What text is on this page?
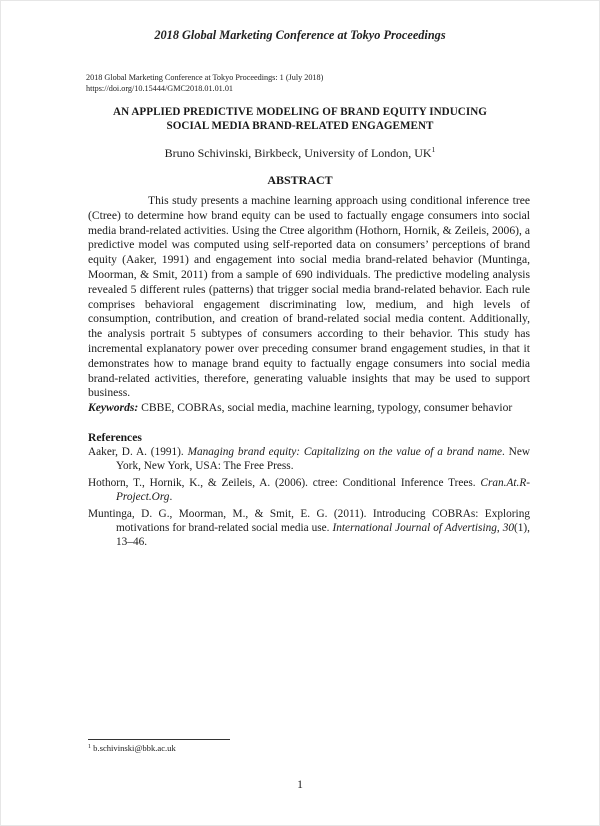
2018 Global Marketing Conference at Tokyo Proceedings
2018 Global Marketing Conference at Tokyo Proceedings: 1 (July 2018)
https://doi.org/10.15444/GMC2018.01.01.01
AN APPLIED PREDICTIVE MODELING OF BRAND EQUITY INDUCING
SOCIAL MEDIA BRAND-RELATED ENGAGEMENT
Bruno Schivinski, Birkbeck, University of London, $UK^1$
ABSTRACT

This study presents a machine learning approach using conditional inference tree (Ctree) to determine how brand equity can be used to factually engage consumers into social media brand-related activities. Using the Ctree algorithm (Hothorn, Hornik, & Zeileis, 2006), a predictive model was computed using self-reported data on consumers’ perceptions of brand equity (Aaker, 1991) and engagement into social media brand-related behavior (Muntinga, Moorman, & Smit, 2011) from a sample of 690 individuals. The predictive modeling analysis revealed 5 different rules (patterns) that trigger social media brand-related behavior. Each rule comprises behavioral engagement discriminating low, medium, and high levels of consumption, contribution, and creation of brand-related social media content. Additionally, the analysis portrait 5 subtypes of consumers according to their behavior. This study has incremental explanatory power over preceding consumer brand engagement studies, in that it demonstrates how to manage brand equity to factually engage consumers into social media brand-related activities, therefore, generating valuable insights that may be used to support business.

Keywords: CBBE, COBRAs, social media, machine learning, typology, consumer behavior
References

Aaker, D. A. (1991). Managing brand equity: Capitalizing on the value of a brand name. New York, New York, USA: The Free Press.

Hothorn, T., Hornik, K., & Zeileis, A. (2006). ctree: Conditional Inference Trees. Cran.At.R-Project.Org.

Muntinga, D. G., Moorman, M., & Smit, E. G. (2011). Introducing COBRAs: Exploring motivations for brand-related social media use. International Journal of Advertising, 30(1), 13–46.

$^1$ b.schivinski@bbk.ac.uk
1
